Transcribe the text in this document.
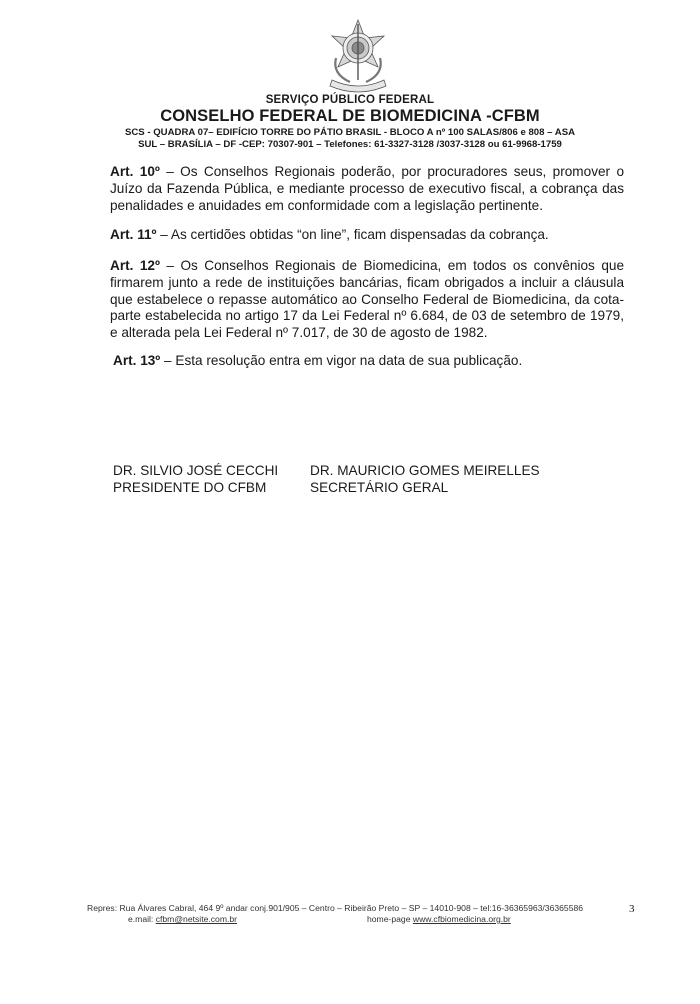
SERVIÇO PÚBLICO FEDERAL
CONSELHO FEDERAL DE BIOMEDICINA -CFBM
SCS - QUADRA 07– EDIFÍCIO TORRE DO PÁTIO BRASIL - BLOCO A nº 100 SALAS/806 e 808 – ASA
SUL – BRASÍLIA – DF -CEP: 70307-901 – Telefones: 61-3327-3128 /3037-3128 ou 61-9968-1759
Art. 10º – Os Conselhos Regionais poderão, por procuradores seus, promover o Juízo da Fazenda Pública, e mediante processo de executivo fiscal, a cobrança das penalidades e anuidades em conformidade com a legislação pertinente.
Art. 11º – As certidões obtidas “on line”, ficam dispensadas da cobrança.
Art. 12º – Os Conselhos Regionais de Biomedicina, em todos os convênios que firmarem junto a rede de instituições bancárias, ficam obrigados a incluir a cláusula que estabelece o repasse automático ao Conselho Federal de Biomedicina, da cota-parte estabelecida no artigo 17 da Lei Federal nº 6.684, de 03 de setembro de 1979, e alterada pela Lei Federal nº 7.017, de 30 de agosto de 1982.
Art. 13º – Esta resolução entra em vigor na data de sua publicação.
DR. SILVIO JOSÉ CECCHI
PRESIDENTE DO CFBM
DR. MAURICIO GOMES MEIRELLES
SECRETÁRIO GERAL
Repres: Rua Álvares Cabral, 464 9º andar conj.901/905 – Centro – Ribeirão Preto – SP – 14010-908 – tel:16-36365963/36365586
e.mail: cfbm@netsite.com.br	home-page www.cfbiomedicina.org.br
3
